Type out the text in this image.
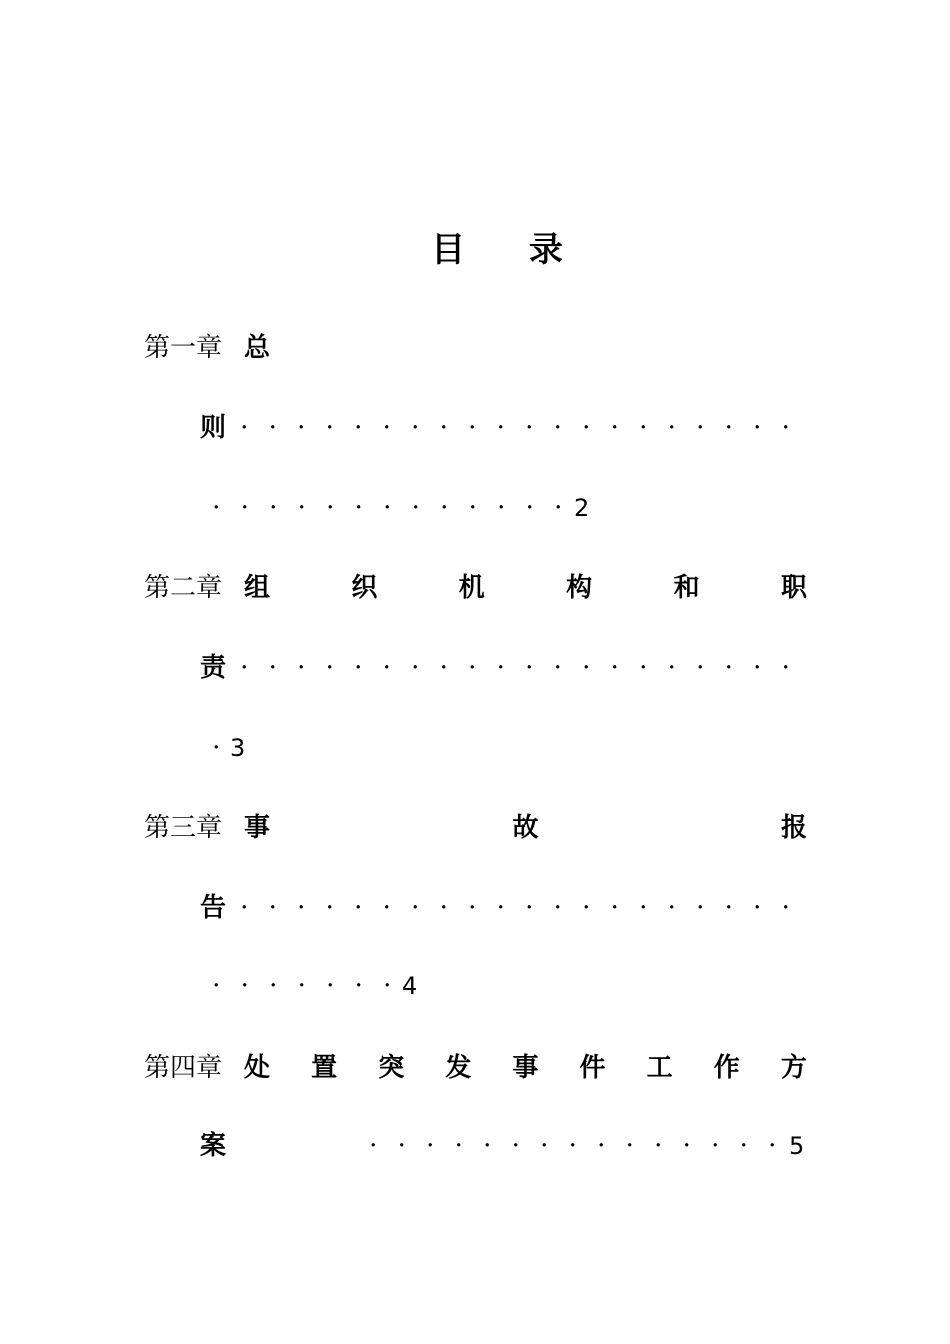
目 录
第一章 总
则 · · · · · · · · · · · · · · · · · · · ·
· · · · · · · · · · · · · 2
第二章 组	织	机	构	和	职
责 · · · · · · · · · · · · · · · · · · · ·
· 3
第三章 事	故	报
告 · · · · · · · · · · · · · · · · · · · ·
· · · · · · · 4
第四章 处 置 突 发 事 件 工 作 方
案	· · · · · · · · · · · · · · · 5
